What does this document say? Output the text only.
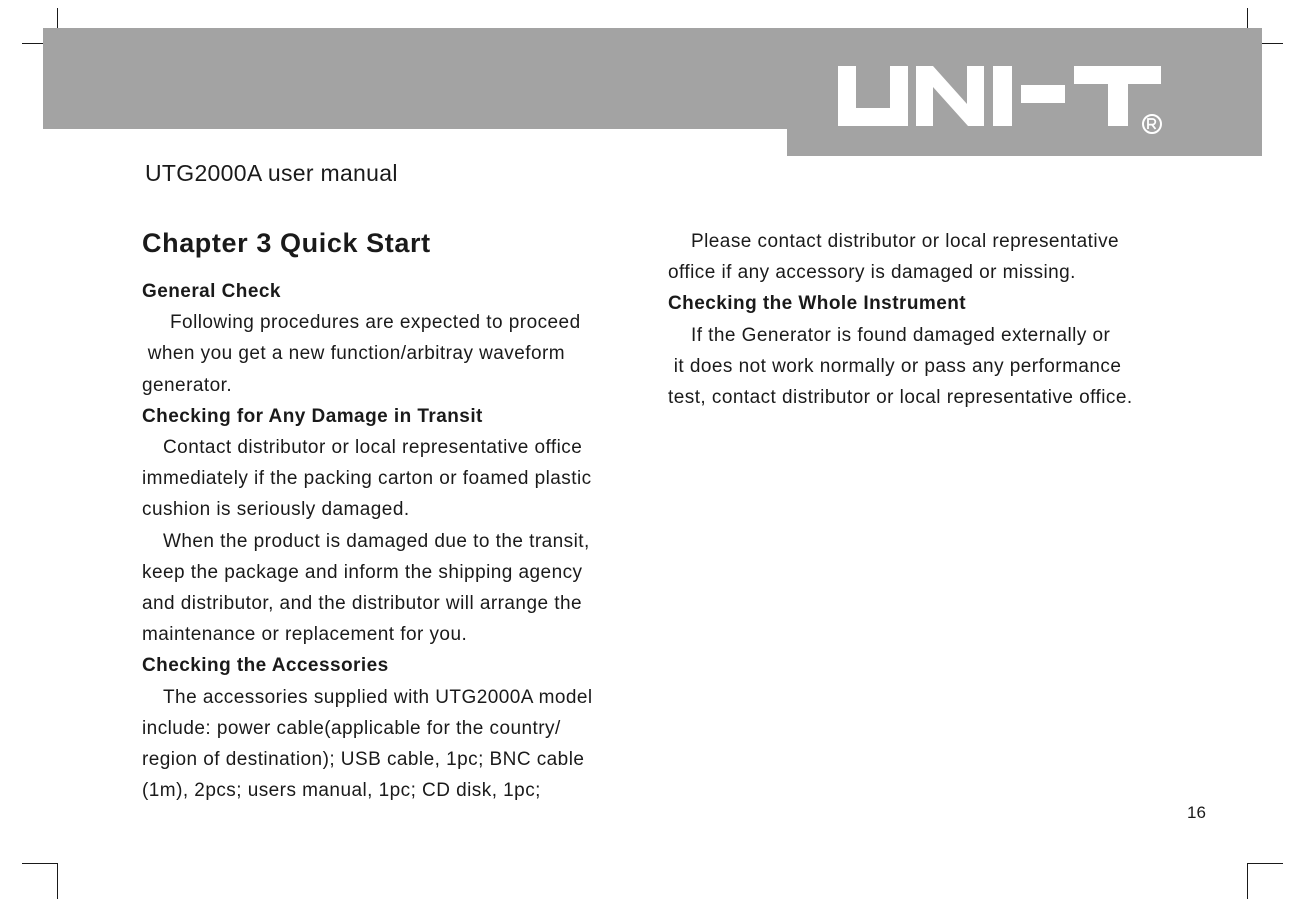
UTG2000A user manual
Chapter 3 Quick Start

General Check

Following procedures are expected to proceed

when you get a new function/arbitray waveform

generator.

Checking for Any Damage in Transit

Contact distributor or local representative office

immediately if the packing carton or foamed plastic

cushion is seriously damaged.

When the product is damaged due to the transit,

keep the package and inform the shipping agency

and distributor, and the distributor will arrange the

maintenance or replacement for you.

Checking the Accessories

The accessories supplied with UTG2000A model

include: power cable(applicable for the country/

region of destination); USB cable, 1pc; BNC cable

(1m), 2pcs; users manual, 1pc; CD disk, 1pc;

Please contact distributor or local representative

office if any accessory is damaged or missing.

Checking the Whole Instrument

If the Generator is found damaged externally or

it does not work normally or pass any performance

test, contact distributor or local representative office.

16
